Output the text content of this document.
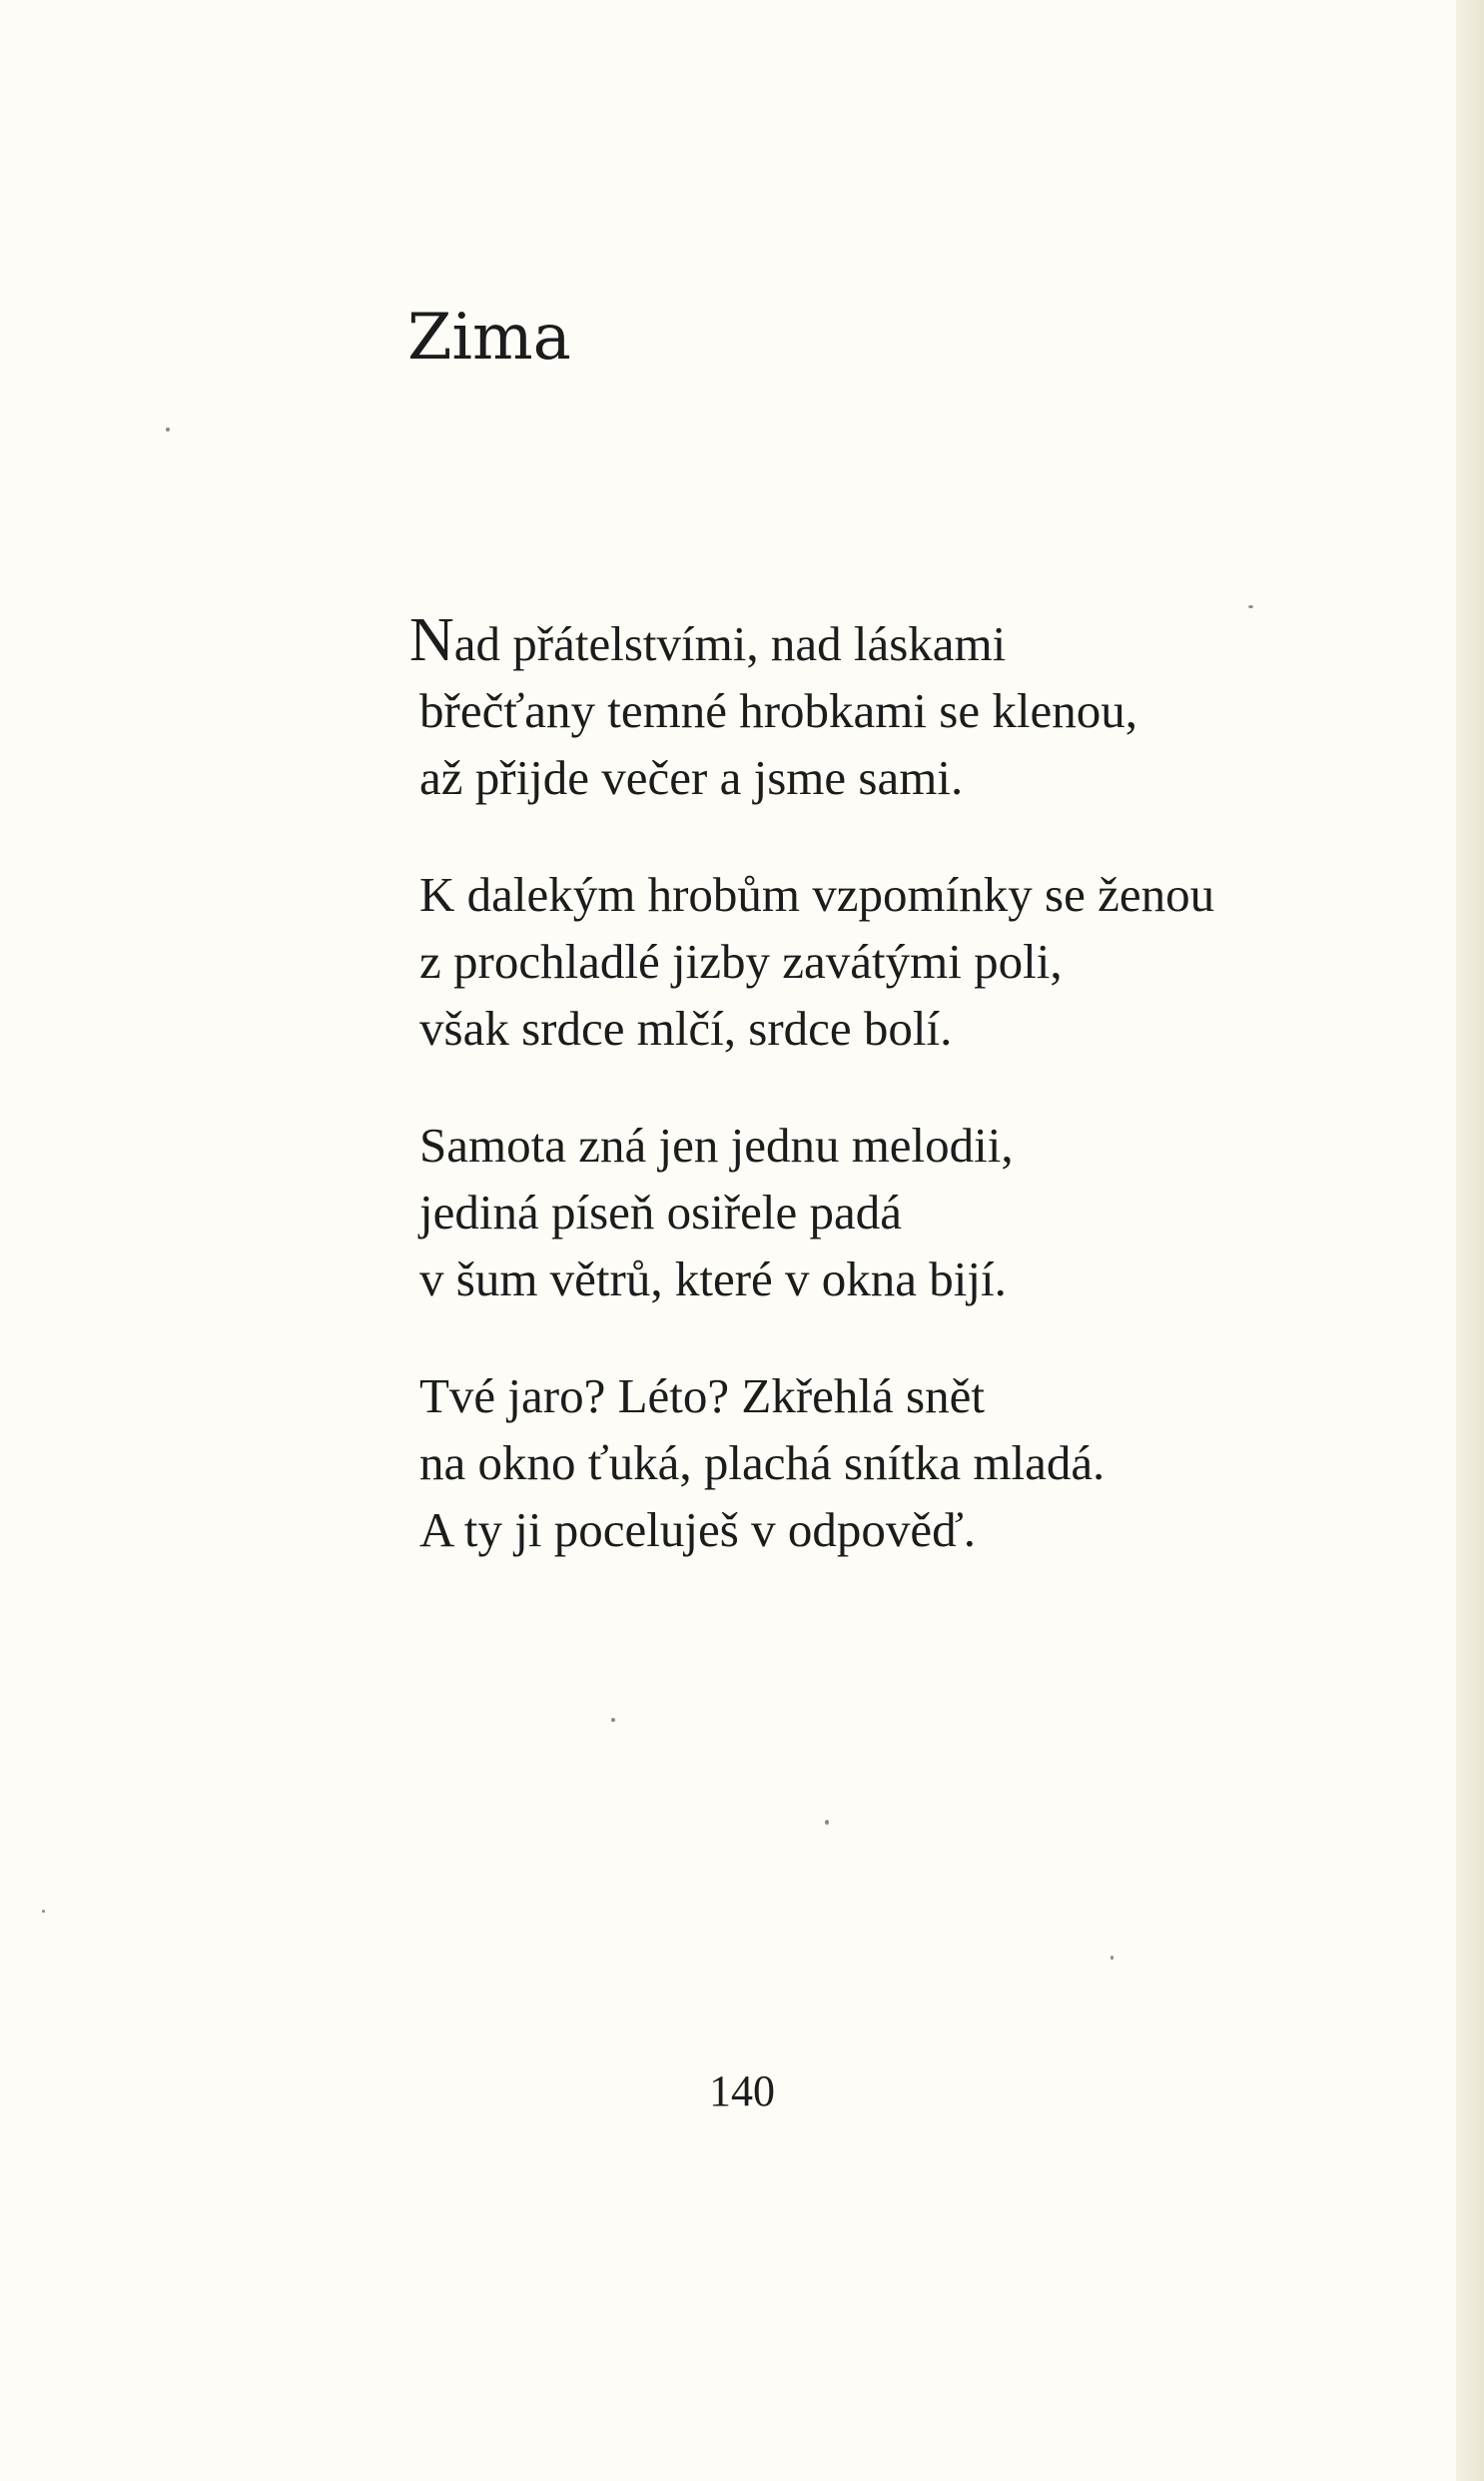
Zima
Nad přátelstvími, nad láskami
břečťany temné hrobkami se klenou,
až přijde večer a jsme sami.
K dalekým hrobům vzpomínky se ženou
z prochladlé jizby zavátými poli,
však srdce mlčí, srdce bolí.
Samota zná jen jednu melodii,
jediná píseň osiřele padá
v šum větrů, které v okna bijí.
Tvé jaro? Léto? Zkřehlá snět
na okno ťuká, plachá snítka mladá.
A ty ji poceluješ v odpověď.
140
